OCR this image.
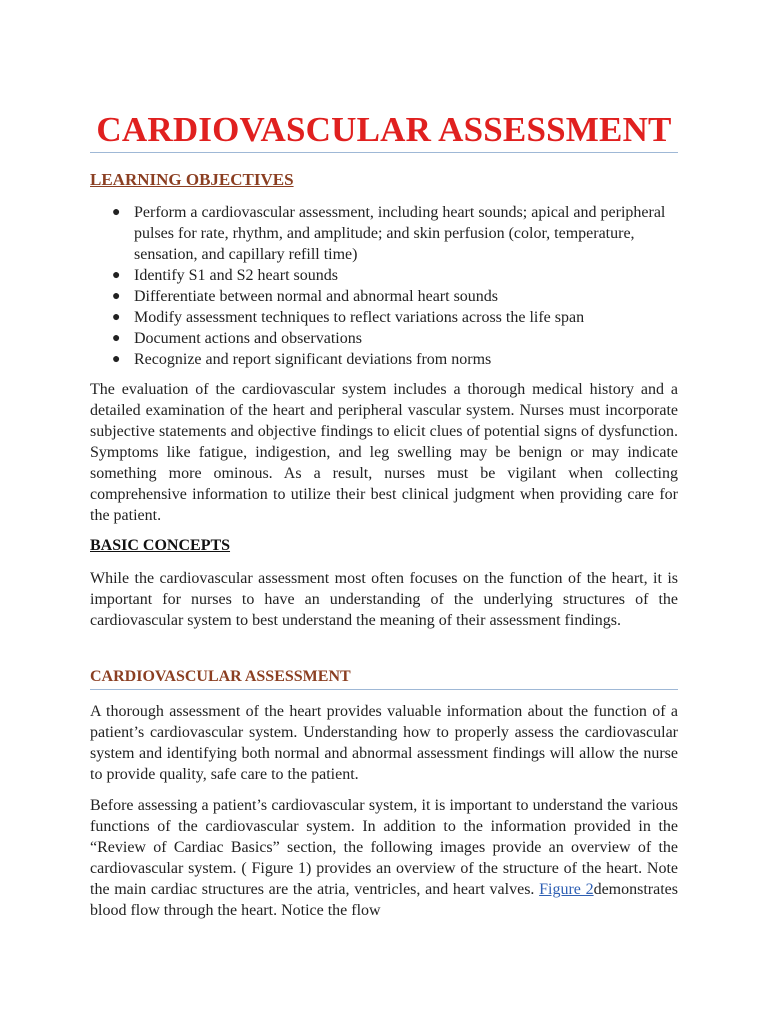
CARDIOVASCULAR ASSESSMENT
LEARNING OBJECTIVES
● Perform a cardiovascular assessment, including heart sounds; apical and peripheral pulses for rate, rhythm, and amplitude; and skin perfusion (color, temperature, sensation, and capillary refill time)
● Identify S1 and S2 heart sounds
● Differentiate between normal and abnormal heart sounds
● Modify assessment techniques to reflect variations across the life span
● Document actions and observations
● Recognize and report significant deviations from norms

The evaluation of the cardiovascular system includes a thorough medical history and a detailed examination of the heart and peripheral vascular system. Nurses must incorporate subjective statements and objective findings to elicit clues of potential signs of dysfunction. Symptoms like fatigue, indigestion, and leg swelling may be benign or may indicate something more ominous. As a result, nurses must be vigilant when collecting comprehensive information to utilize their best clinical judgment when providing care for the patient.

BASIC CONCEPTS

While the cardiovascular assessment most often focuses on the function of the heart, it is important for nurses to have an understanding of the underlying structures of the cardiovascular system to best understand the meaning of their assessment findings.

CARDIOVASCULAR ASSESSMENT

A thorough assessment of the heart provides valuable information about the function of a patient’s cardiovascular system. Understanding how to properly assess the cardiovascular system and identifying both normal and abnormal assessment findings will allow the nurse to provide quality, safe care to the patient.

Before assessing a patient’s cardiovascular system, it is important to understand the various functions of the cardiovascular system. In addition to the information provided in the “Review of Cardiac Basics” section, the following images provide an overview of the cardiovascular system. ( Figure 1) provides an overview of the structure of the heart. Note the main cardiac structures are the atria, ventricles, and heart valves. Figure 2demonstrates blood flow through the heart. Notice the flow
